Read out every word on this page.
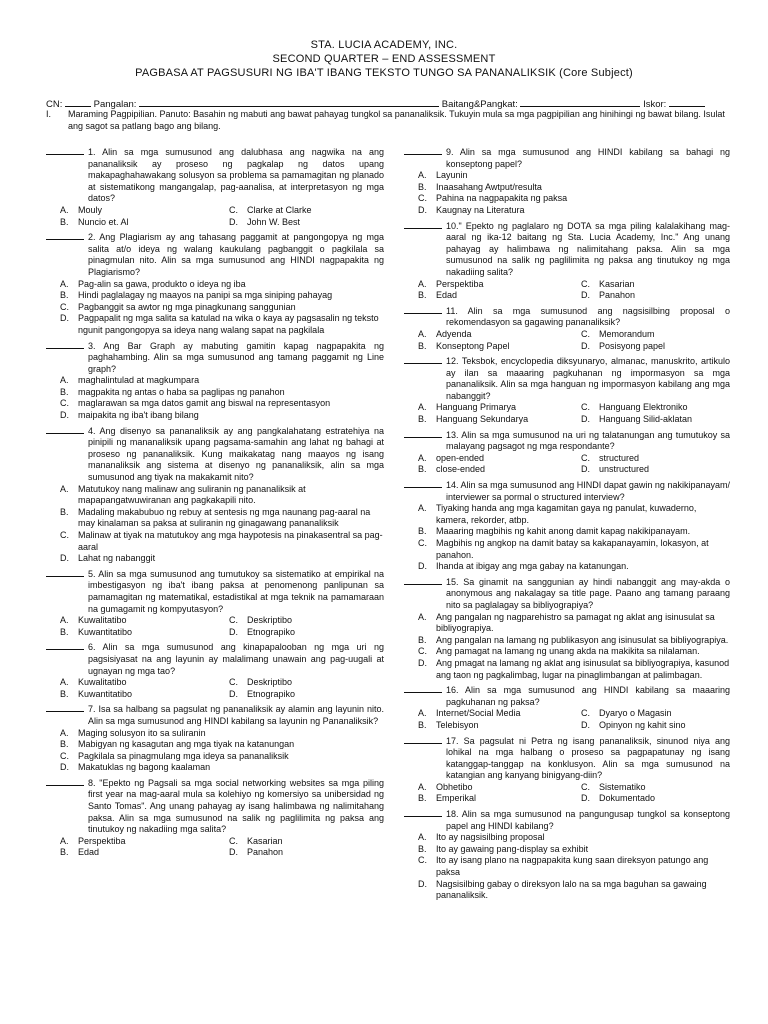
STA. LUCIA ACADEMY, INC.
SECOND QUARTER – END ASSESSMENT
PAGBASA AT PAGSUSURI NG IBA'T IBANG TEKSTO TUNGO SA PANANALIKSIK (Core Subject)
CN:	Pangalan:	Baitang&Pangkat:	Iskor:
I. Maraming Pagpipilian. Panuto: Basahin ng mabuti ang bawat pahayag tungkol sa pananaliksik. Tukuyin mula sa mga pagpipilian ang hinihingi ng bawat bilang. Isulat ang sagot sa patlang bago ang bilang.
1. Alin sa mga sumusunod ang dalubhasa ang nagwika na ang pananaliksik ay proseso ng pagkalap ng datos upang makapaghahawakang solusyon sa problema sa pamamagitan ng planado at sistematikong mangangalap, pag-aanalisa, at interpretasyon ng mga datos?
A.	Mouly	C.	Clarke at Clarke
B.	Nuncio et. Al	D.	John W. Best
2. Ang Plagiarism ay ang tahasang paggamit at pangongopya ng mga salita at/o ideya ng walang kaukulang pagbanggit o pagkilala sa pinagmulan nito. Alin sa mga sumusunod ang HINDI nagpapakita ng Plagiarismo?
A.	Pag-alin sa gawa, produkto o ideya ng iba
B.	Hindi paglalagay ng maayos na panipi sa mga siniping pahayag
C.	Pagbanggit sa awtor ng mga pinagkunang sanggunian
D.	Pagpapalit ng mga salita sa katulad na wika o kaya ay pagsasalin ng teksto ngunit pangongopya sa ideya nang walang sapat na pagkilala
3. Ang Bar Graph ay mabuting gamitin kapag nagpapakita ng paghahambing. Alin sa mga sumusunod ang tamang paggamit ng Line graph?
A.	maghalintulad at magkumpara
B.	magpakita ng antas o haba sa paglipas ng panahon
C.	maglarawan sa mga datos gamit ang biswal na representasyon
D.	maipakita ng iba't ibang bilang
4. Ang disenyo sa pananaliksik ay ang pangkalahatang estratehiya na pinipili ng mananaliksik upang pagsama-samahin ang lahat ng bahagi at proseso ng pananaliksik. Kung maikakatag nang maayos ng isang mananaliksik ang sistema at disenyo ng pananaliksik, alin sa mga sumusunod ang tiyak na makakamit nito?
A.	Matutukoy nang malinaw ang suliranin ng pananaliksik at mapapangatwuwiranan ang pagkakapili nito.
B.	Madaling makabubuo ng rebuy at sentesis ng mga naunang pag-aaral na may kinalaman sa paksa at suliranin ng ginagawang pananaliksik
C.	Malinaw at tiyak na matutukoy ang mga haypotesis na pinakasentral sa pag-aaral
D.	Lahat ng nabanggit
5. Alin sa mga sumusunod ang tumutukoy sa sistematiko at empirikal na imbestigasyon ng iba't ibang paksa at penomenong panlipunan sa pamamagitan ng matematikal, estadistikal at mga teknik na pamamaraan na gumagamit ng kompyutasyon?
A.	Kuwalitatibo	C.	Deskriptibo
B.	Kuwantitatibo	D.	Etnograpiko
6. Alin sa mga sumusunod ang kinapapalooban ng mga uri ng pagsisiyasat na ang layunin ay malalimang unawain ang pag-uugali at ugnayan ng mga tao?
A.	Kuwalitatibo	C.	Deskriptibo
B.	Kuwantitatibo	D.	Etnograpiko
7. Isa sa halbang sa pagsulat ng pananaliksik ay alamin ang layunin nito. Alin sa mga sumusunod ang HINDI kabilang sa layunin ng Pananaliksik?
A.	Maging solusyon ito sa suliranin
B.	Mabigyan ng kasagutan ang mga tiyak na katanungan
C.	Pagkilala sa pinagmulang mga ideya sa pananaliksik
D.	Makatuklas ng bagong kaalaman
8. "Epekto ng Pagsali sa mga social networking websites sa mga piling first year na mag-aaral mula sa kolehiyo ng komersiyo sa unibersidad ng Santo Tomas". Ang unang pahayag ay isang halimbawa ng nalimitahang paksa. Alin sa mga sumusunod na salik ng paglilimita ng paksa ang tinutukoy ng nakadiing mga salita?
A.	Perspektiba	C.	Kasarian
B.	Edad	D.	Panahon
9. Alin sa mga sumusunod ang HINDI kabilang sa bahagi ng konseptong papel?
A.	Layunin
B.	Inaasahang Awtput/resulta
C.	Pahina na nagpapakita ng paksa
D.	Kaugnay na Literatura
10." Epekto ng paglalaro ng DOTA sa mga piling kalalakihang mag-aaral ng ika-12 baitang ng Sta. Lucia Academy, Inc." Ang unang pahayag ay halimbawa ng nalimitahang paksa. Alin sa mga sumusunod na salik ng paglilimita ng paksa ang tinutukoy ng mga nakadiing salita?
A.	Perspektiba	C.	Kasarian
B.	Edad	D.	Panahon
11. Alin sa mga sumusunod ang nagsisilbing proposal o rekomendasyon sa gagawing pananaliksik?
A.	Adyenda	C.	Memorandum
B.	Konseptong Papel	D.	Posisyong papel
12. Teksbok, encyclopedia diksyunaryo, almanac, manuskrito, artikulo ay ilan sa maaaring pagkuhanan ng impormasyon sa mga pananaliksik. Alin sa mga hanguan ng impormasyon kabilang ang mga nabanggit?
A.	Hanguang Primarya	C.	Hanguang Elektroniko
B.	Hanguang Sekundarya	D.	Hanguang Silid-aklatan
13. Alin sa mga sumusunod na uri ng talatanungan ang tumutukoy sa malayang pagsagot ng mga respondante?
A.	open-ended	C.	structured
B.	close-ended	D.	unstructured
14. Alin sa mga sumusunod ang HINDI dapat gawin ng nakikipanayam/ interviewer sa pormal o structured interview?
A.	Tiyaking handa ang mga kagamitan gaya ng panulat, kuwaderno, kamera, rekorder, atbp.
B.	Maaaring magbihis ng kahit anong damit kapag nakikipanayam.
C.	Magbihis ng angkop na damit batay sa kakapanayamin, lokasyon, at panahon.
D.	Ihanda at ibigay ang mga gabay na katanungan.
15. Sa ginamit na sanggunian ay hindi nabanggit ang may-akda o anonymous ang nakalagay sa title page. Paano ang tamang paraang nito sa paglalagay sa bibliyograpiya?
A.	Ang pangalan ng nagparehistro sa pamagat ng aklat ang isinusulat sa bibliyograpiya.
B.	Ang pangalan na lamang ng publikasyon ang isinusulat sa bibliyograpiya.
C.	Ang pamagat na lamang ng unang akda na makikita sa nilalaman.
D.	Ang pmagat na lamang ng aklat ang isinusulat sa bibliyograpiya, kasunod ang taon ng pagkalimbag, lugar na pinaglimbangan at palimbagan.
16. Alin sa mga sumusunod ang HINDI kabilang sa maaaring pagkuhanan ng paksa?
A.	Internet/Social Media	C.	Dyaryo o Magasin
B.	Telebisyon	D.	Opinyon ng kahit sino
17. Sa pagsulat ni Petra ng isang pananaliksik, sinunod niya ang lohikal na mga halbang o proseso sa pagpapatunay ng isang katanggap-tanggap na konklusyon. Alin sa mga sumusunod na katangian ang kanyang binigyang-diin?
A.	Obhetibo	C.	Sistematiko
B.	Emperikal	D.	Dokumentado
18. Alin sa mga sumusunod na pangungusap tungkol sa konseptong papel ang HINDI kabilang?
A.	Ito ay nagsisilbing proposal
B.	Ito ay gawaing pang-display sa exhibit
C.	Ito ay isang plano na nagpapakita kung saan direksyon patungo ang paksa
D.	Nagsisilbing gabay o direksyon lalo na sa mga baguhan sa gawaing pananaliksik.
